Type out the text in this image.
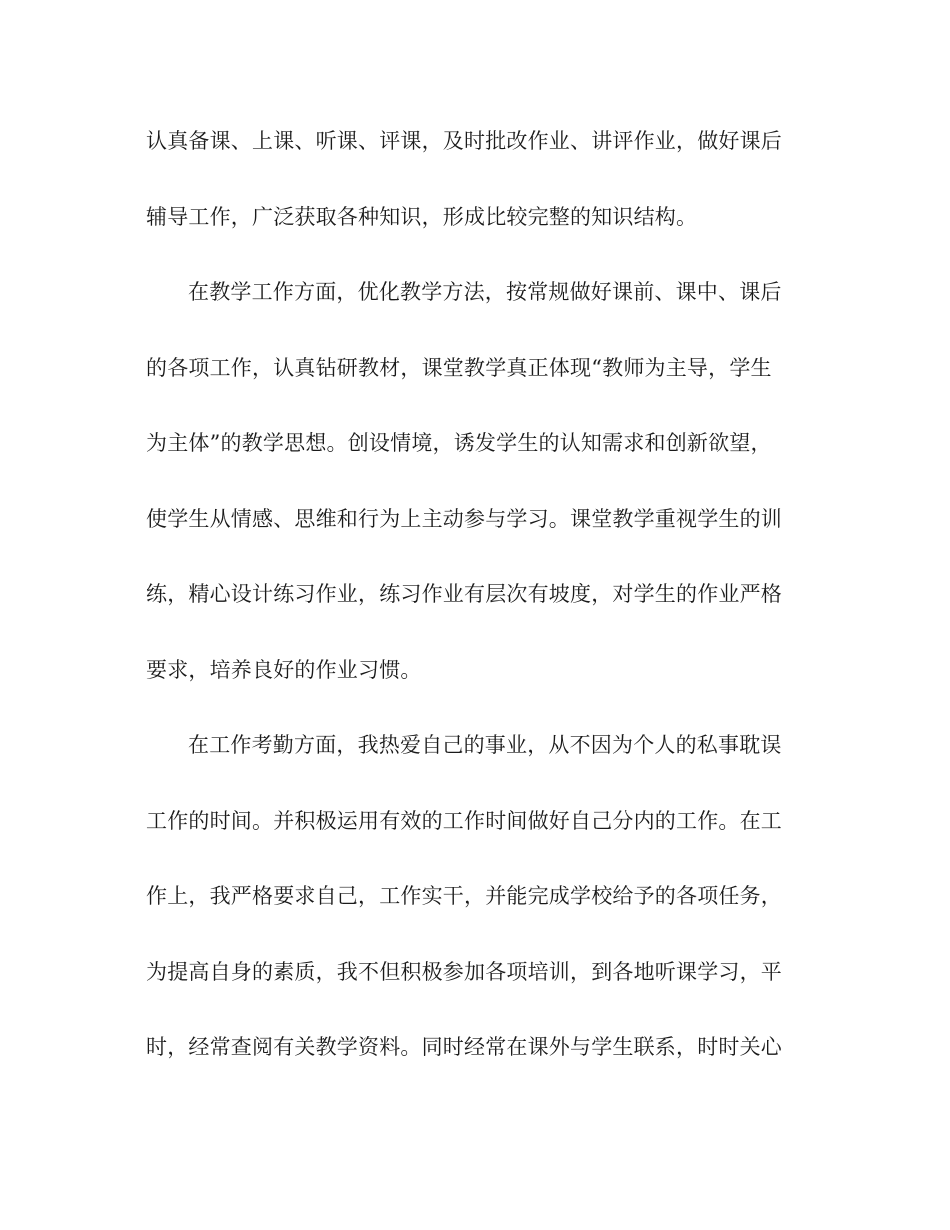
认真备课、上课、听课、评课，及时批改作业、讲评作业，做好课后
辅导工作，广泛获取各种知识，形成比较完整的知识结构。
在教学工作方面，优化教学方法，按常规做好课前、课中、课后
的各项工作，认真钻研教材，课堂教学真正体现“教师为主导，学生
为主体”的教学思想。创设情境，诱发学生的认知需求和创新欲望，
使学生从情感、思维和行为上主动参与学习。课堂教学重视学生的训
练，精心设计练习作业，练习作业有层次有坡度，对学生的作业严格
要求，培养良好的作业习惯。
在工作考勤方面，我热爱自己的事业，从不因为个人的私事耽误
工作的时间。并积极运用有效的工作时间做好自己分内的工作。在工
作上，我严格要求自己，工作实干，并能完成学校给予的各项任务，
为提高自身的素质，我不但积极参加各项培训，到各地听课学习，平
时，经常查阅有关教学资料。同时经常在课外与学生联系，时时关心
